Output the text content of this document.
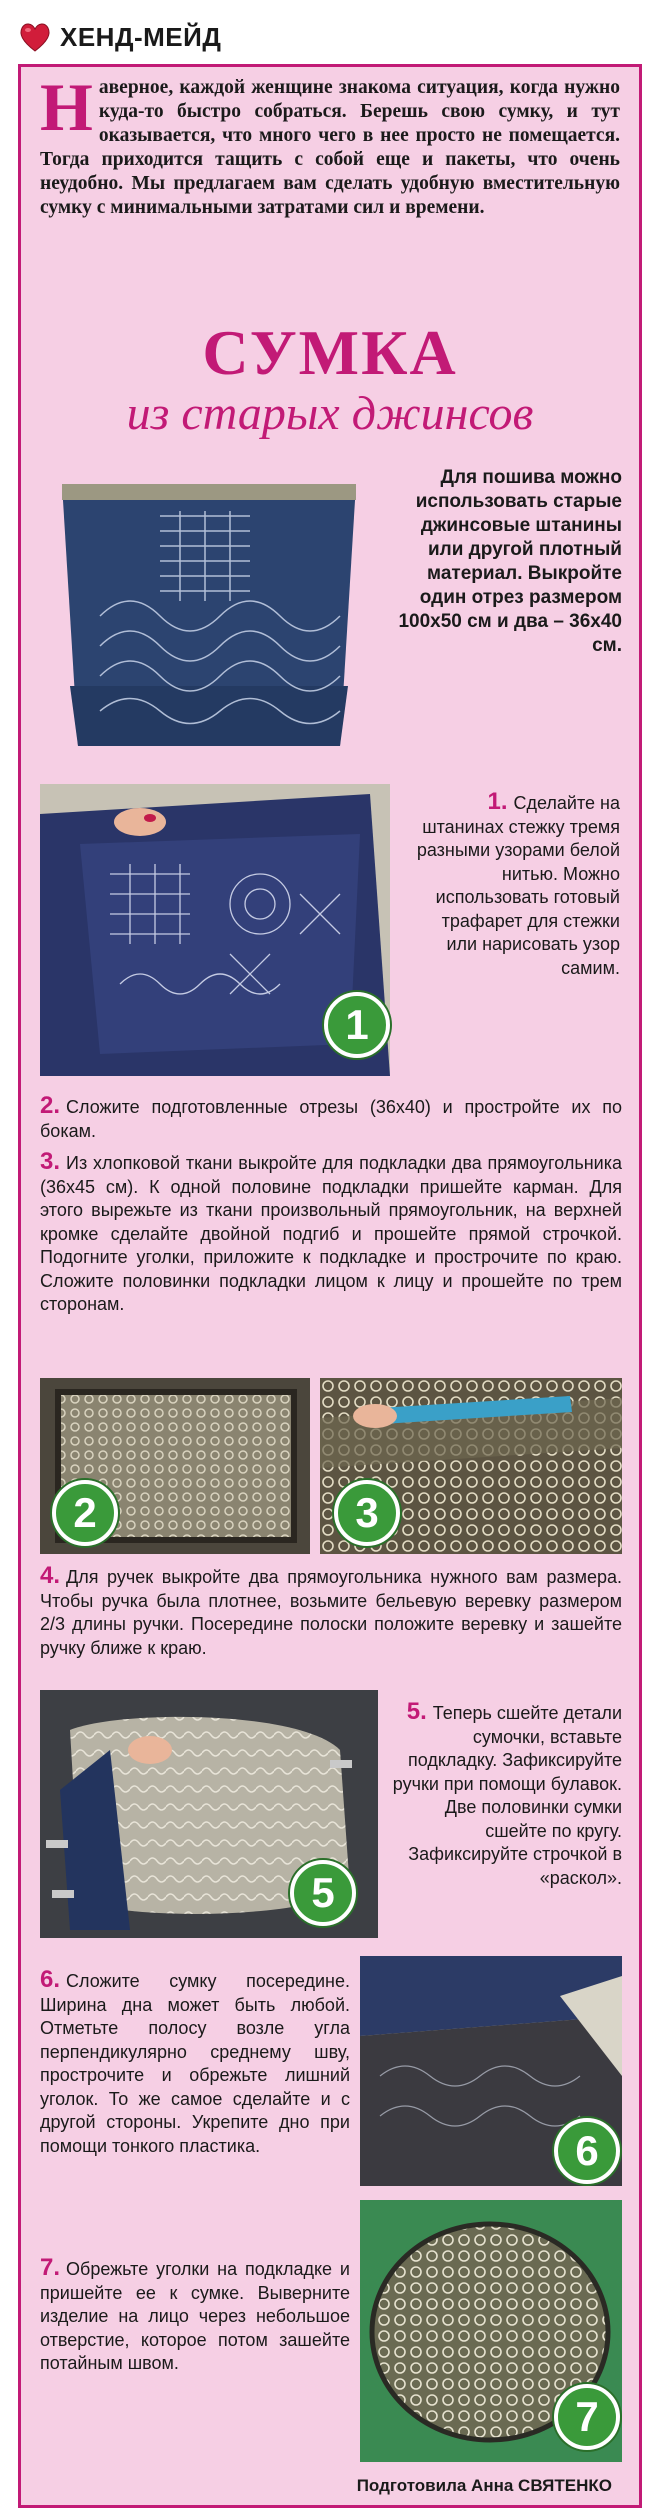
ХЕНД-МЕЙД
Наверное, каждой женщине знакома ситуация, когда нужно куда-то быстро собраться. Берешь свою сумку, и тут оказывается, что много чего в нее просто не помещается. Тогда приходится тащить с собой еще и пакеты, что очень неудобно. Мы предлагаем вам сделать удобную вместительную сумку с минимальными затратами сил и времени.
СУМКА
из старых джинсов
Для пошива можно использовать старые джинсовые штанины или другой плотный материал. Выкройте один отрез размером 100х50 см и два – 36х40 см.
1
1. Сделайте на штанинах стежку тремя разными узорами белой нитью. Можно использовать готовый трафарет для стежки или нарисовать узор самим.
2. Сложите подготовленные отрезы (36х40) и простройте их по бокам.
3. Из хлопковой ткани выкройте для подкладки два прямоугольника (36х45 см). К одной половине подкладки пришейте карман. Для этого вырежьте из ткани произвольный прямоугольник, на верхней кромке сделайте двойной подгиб и прошейте прямой строчкой. Подогните уголки, приложите к подкладке и прострочите по краю. Сложите половинки подкладки лицом к лицу и прошейте по трем сторонам.
2	3
4. Для ручек выкройте два прямоугольника нужного вам размера. Чтобы ручка была плотнее, возьмите бельевую веревку размером 2/3 длины ручки. Посередине полоски положите веревку и зашейте ручку ближе к краю.
5
5. Теперь сшейте детали сумочки, вставьте подкладку. Зафиксируйте ручки при помощи булавок. Две половинки сумки сшейте по кругу. Зафиксируйте строчкой в «раскол».
6. Сложите сумку посередине. Ширина дна может быть любой. Отметьте полосу возле угла перпендикулярно среднему шву, прострочите и обрежьте лишний уголок. То же самое сделайте и с другой стороны. Укрепите дно при помощи тонкого пластика.	6
7. Обрежьте уголки на подкладке и пришейте ее к сумке. Выверните изделие на лицо через небольшое отверстие, которое потом зашейте потайным швом.
7
Подготовила Анна СВЯТЕНКО
